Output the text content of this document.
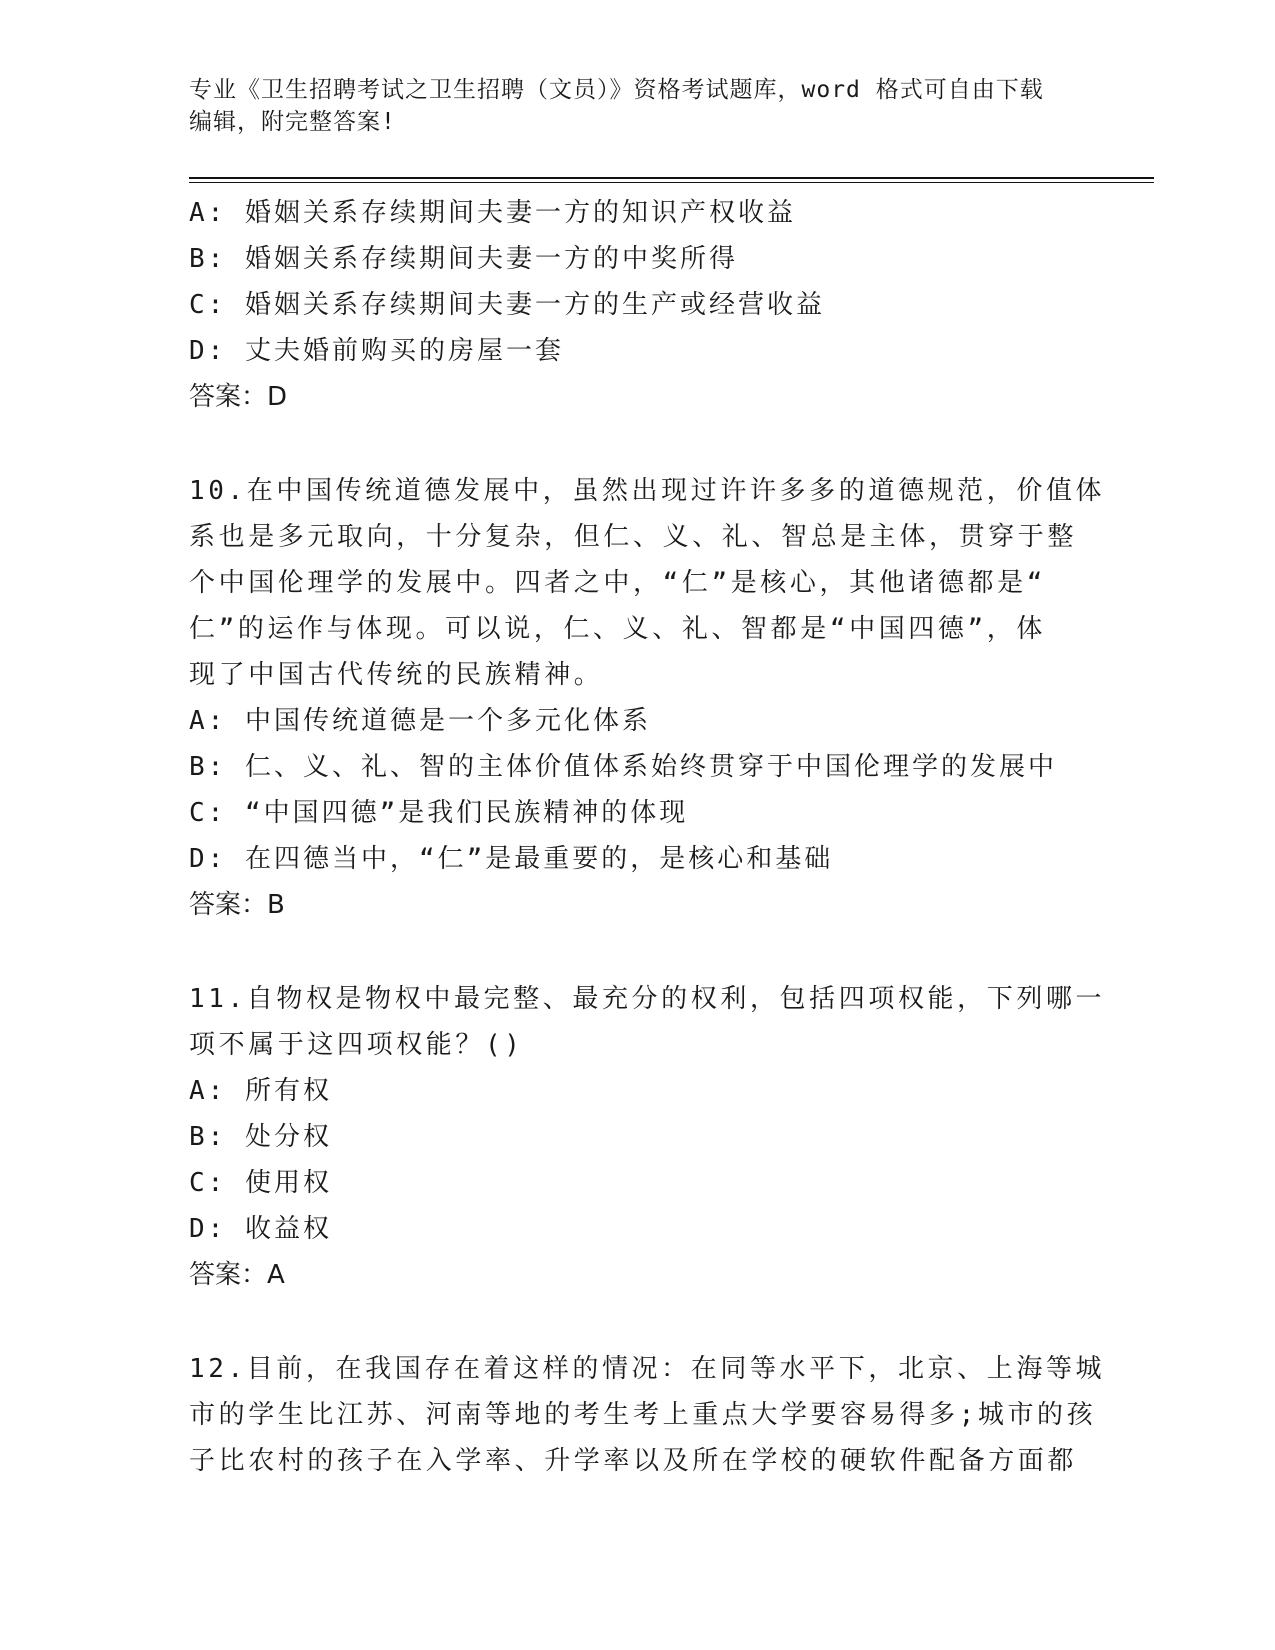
专业《卫生招聘考试之卫生招聘（文员）》资格考试题库，word 格式可自由下载
编辑，附完整答案!
A: 婚姻关系存续期间夫妻一方的知识产权收益
B: 婚姻关系存续期间夫妻一方的中奖所得
C: 婚姻关系存续期间夫妻一方的生产或经营收益
D: 丈夫婚前购买的房屋一套
答案：D
10.在中国传统道德发展中，虽然出现过许许多多的道德规范，价值体
系也是多元取向，十分复杂，但仁、义、礼、智总是主体，贯穿于整
个中国伦理学的发展中。四者之中，“仁”是核心，其他诸德都是“
仁”的运作与体现。可以说，仁、义、礼、智都是“中国四德”，体
现了中国古代传统的民族精神。
A: 中国传统道德是一个多元化体系
B: 仁、义、礼、智的主体价值体系始终贯穿于中国伦理学的发展中
C: “中国四德”是我们民族精神的体现
D: 在四德当中，“仁”是最重要的，是核心和基础
答案：B
11.自物权是物权中最完整、最充分的权利，包括四项权能，下列哪一
项不属于这四项权能？()
A: 所有权
B: 处分权
C: 使用权
D: 收益权
答案：A
12.目前，在我国存在着这样的情况：在同等水平下，北京、上海等城
市的学生比江苏、河南等地的考生考上重点大学要容易得多;城市的孩
子比农村的孩子在入学率、升学率以及所在学校的硬软件配备方面都
